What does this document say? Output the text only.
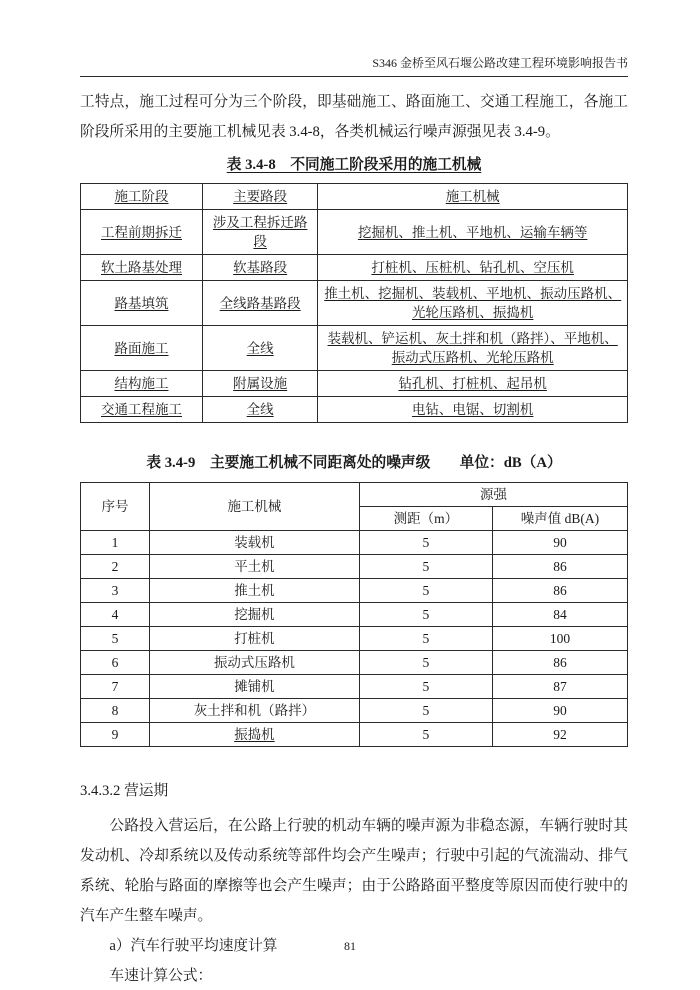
S346 金桥至风石堰公路改建工程环境影响报告书

工特点，施工过程可分为三个阶段，即基础施工、路面施工、交通工程施工，各施工阶段所采用的主要施工机械见表 3.4-8，各类机械运行噪声源强见表 3.4-9。

表 3.4-8　不同施工阶段采用的施工机械
施工阶段	主要路段	施工机械
工程前期拆迁	涉及工程拆迁路段	挖掘机、推土机、平地机、运输车辆等
软土路基处理	软基路段	打桩机、压桩机、钻孔机、空压机
路基填筑	全线路基路段	推土机、挖掘机、装载机、平地机、振动压路机、光轮压路机、振捣机
路面施工	全线	装载机、铲运机、灰土拌和机（路拌）、平地机、振动式压路机、光轮压路机
结构施工	附属设施	钻孔机、打桩机、起吊机
交通工程施工	全线	电钻、电锯、切割机
表 3.4-9　主要施工机械不同距离处的噪声级　　单位：dB（A）
序号	施工机械	源强	
		测距（m）	噪声值 dB(A)
1	装载机	5	90
2	平土机	5	86
3	推土机	5	86
4	挖掘机	5	84
5	打桩机	5	100
6	振动式压路机	5	86
7	摊铺机	5	87
8	灰土拌和机（路拌）	5	90
9	振捣机	5	92
3.4.3.2 营运期

公路投入营运后，在公路上行驶的机动车辆的噪声源为非稳态源，车辆行驶时其发动机、冷却系统以及传动系统等部件均会产生噪声；行驶中引起的气流湍动、排气系统、轮胎与路面的摩擦等也会产生噪声；由于公路路面平整度等原因而使行驶中的汽车产生整车噪声。

a）汽车行驶平均速度计算

车速计算公式：

81
